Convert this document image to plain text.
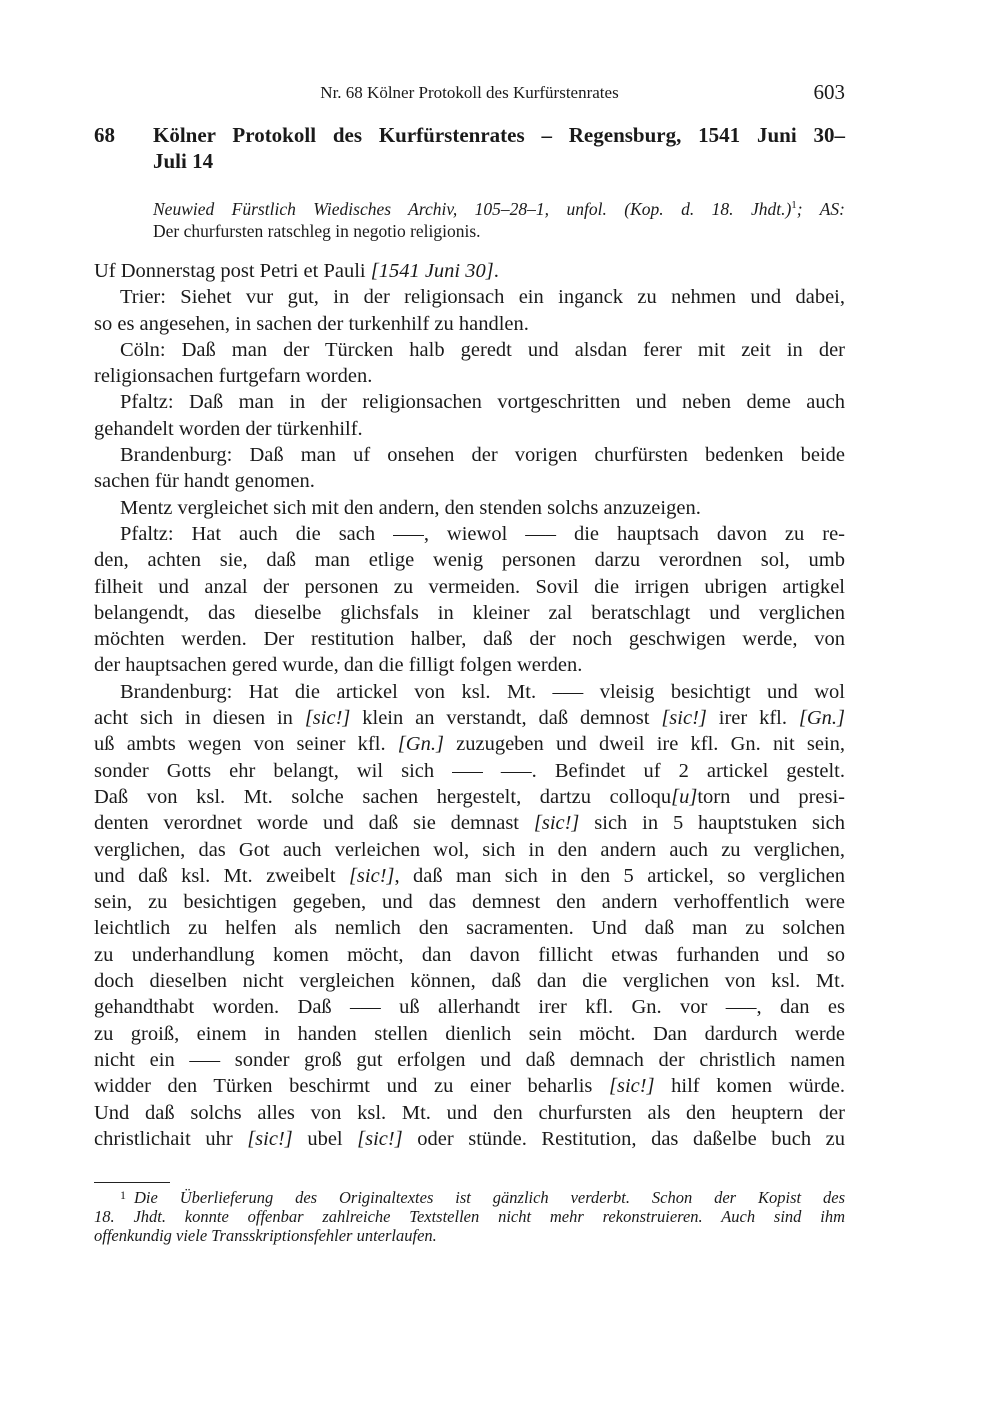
Nr. 68 Kölner Protokoll des Kurfürstenrates	603
68 Kölner Protokoll des Kurfürstenrates – Regensburg, 1541 Juni 30–
Juli 14
Neuwied Fürstlich Wiedisches Archiv, 105–28–1, unfol. (Kop. d. 18. Jhdt.)$^1$; AS:
Der churfursten ratschleg in negotio religionis.
Uf Donnerstag post Petri et Pauli [1541 Juni 30].
Trier: Siehet vur gut, in der religionsach ein inganck zu nehmen und dabei,
so es angesehen, in sachen der turkenhilf zu handlen.
Cöln: Daß man der Türcken halb geredt und alsdan ferer mit zeit in der
religionsachen furtgefarn worden.
Pfaltz: Daß man in der religionsachen vortgeschritten und neben deme auch
gehandelt worden der türkenhilf.
Brandenburg: Daß man uf onsehen der vorigen churfürsten bedenken beide
sachen für handt genomen.
Mentz vergleichet sich mit den andern, den stenden solchs anzuzeigen.
Pfaltz: Hat auch die sach –––, wiewol ––– die hauptsach davon zu re-
den, achten sie, daß man etlige wenig personen darzu verordnen sol, umb
filheit und anzal der personen zu vermeiden. Sovil die irrigen ubrigen artigkel
belangendt, das dieselbe glichsfals in kleiner zal beratschlagt und verglichen
möchten werden. Der restitution halber, daß der noch geschwigen werde, von
der hauptsachen gered wurde, dan die filligt folgen werden.
Brandenburg: Hat die artickel von ksl. Mt. ––– vleisig besichtigt und wol
acht sich in diesen in [sic!] klein an verstandt, daß demnost [sic!] irer kfl. [Gn.]
uß ambts wegen von seiner kfl. [Gn.] zuzugeben und dweil ire kfl. Gn. nit sein,
sonder Gotts ehr belangt, wil sich ––– –––. Befindet uf 2 artickel gestelt.
Daß von ksl. Mt. solche sachen hergestelt, dartzu colloqu[u]torn und presi-
denten verordnet worde und daß sie demnast [sic!] sich in 5 hauptstuken sich
verglichen, das Got auch verleichen wol, sich in den andern auch zu verglichen,
und daß ksl. Mt. zweibelt [sic!], daß man sich in den 5 artickel, so verglichen
sein, zu besichtigen gegeben, und das demnest den andern verhoffentlich were
leichtlich zu helfen als nemlich den sacramenten. Und daß man zu solchen
zu underhandlung komen möcht, dan davon fillicht etwas furhanden und so
doch dieselben nicht vergleichen können, daß dan die verglichen von ksl. Mt.
gehandthabt worden. Daß ––– uß allerhandt irer kfl. Gn. vor –––, dan es
zu groiß, einem in handen stellen dienlich sein möcht. Dan dardurch werde
nicht ein ––– sonder groß gut erfolgen und daß demnach der christlich namen
widder den Türken beschirmt und zu einer beharlis [sic!] hilf komen würde.
Und daß solchs alles von ksl. Mt. und den churfursten als den heuptern der
christlichait uhr [sic!] ubel [sic!] oder stünde. Restitution, das daßelbe buch zu
$^1$ Die Überlieferung des Originaltextes ist gänzlich verderbt. Schon der Kopist des
18. Jhdt. konnte offenbar zahlreiche Textstellen nicht mehr rekonstruieren. Auch sind ihm
offenkundig viele Transskriptionsfehler unterlaufen.
